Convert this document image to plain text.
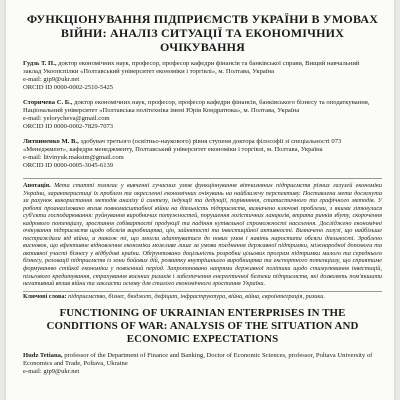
ФУНКЦІОНУВАННЯ ПІДПРИЄМСТВ УКРАЇНИ В УМОВАХ ВІЙНИ: АНАЛІЗ СИТУАЦІЇ ТА ЕКОНОМІЧНИХ ОЧІКУВАННЯ
Гудзь Т. П., доктор економічних наук, професор, професор кафедри фінансів та банківської справи, Вищий навчальний
заклад Укоопспілки «Полтавський університет економіки і торгівлі», м. Полтава, Україна
e-mail: gtp9@ukr.net
ORCID ID 0000-0002-2510-5425
Сторичева С. Б., доктор економічних наук, професор, професор кафедри фінансів, банківського бізнесу та оподаткування,
Національний університет «Полтавська політехніка імені Юрія Кондратюка», м. Полтава, Україна
e-mail: yelorycheva@gmail.com
ORCID ID 0000-0002-7829-7073
Литвиненко М. В., здобувач третього (освітньо-наукового) рівня ступеня доктора філософії зі спеціальності 073
«Менеджмент», кафедри менеджменту, Полтавський університет економіки і торгівлі, м. Полтава, Україна
e-mail: litvinyuk.maksim@gmail.com
ORCID ID 0000-0005-3045-6139
Анотація. Мета статті полягає у вивченні сучасних умов функціонування вітчизняних підприємств різних галузей економіки України, характеристиці їх проблем та окресленні економічних очікувань на найближчу перспективу. Поставлена мета досягнута за рахунок використання методів аналізу й синтезу, індукції та дедукції, порівняння, статистичного та графічного методів. У роботі проаналізовано вплив повномасштабної війни на діяльність підприємств, визначено ключові проблеми, з якими зіткнулися суб'єкти господарювання: руйнування виробничих потужностей, порушення логістичних ланцюгів, втрата ринків збуту, скорочення кадрового потенціалу, зростання собівартості продукції та падіння купівельної спроможності населення. Досліджено економічні очікування підприємств щодо обсягів виробництва, цін, зайнятості та інвестиційної активності. Визначено галузі, що найбільше постраждали від війни, а також ті, що змогли адаптуватися до нових умов і навіть наростити обсяги діяльності. Зроблено висновок, що ефективне відновлення економіки можливе лише за умови поєднання державної підтримки, міжнародної допомоги та активної участі бізнесу у відбудові країни. Обґрунтовано доцільність розробки цільових програм підтримки малого та середнього бізнесу, релокації підприємств із зони бойових дій, розвитку внутрішнього виробництва та експортного потенціалу, що сприятиме формуванню стійкої економіки у повоєнний період. Запропоновано напрями державної політики щодо стимулювання інвестицій, пільгового кредитування, страхування воєнних ризиків і забезпечення енергетичної безпеки підприємств, які дозволять пом'якшити негативний вплив війни та закласти основу для сталого економічного зростання України.
Ключові слова: підприємство, бізнес, бюджет, дефіцит, інфраструктура, війна, війна, євроінтеграція, ризики.
FUNCTIONING OF UKRAINIAN ENTERPRISES IN THE CONDITIONS OF WAR: ANALYSIS OF THE SITUATION AND ECONOMIC EXPECTATIONS
Hudz Tetiana, professor of the Department of Finance and Banking, Doctor of Economic Sciences, professor, Poltava University of Economics and Trade, Poltava, Ukraine
e-mail: gtp9@ukr.net
